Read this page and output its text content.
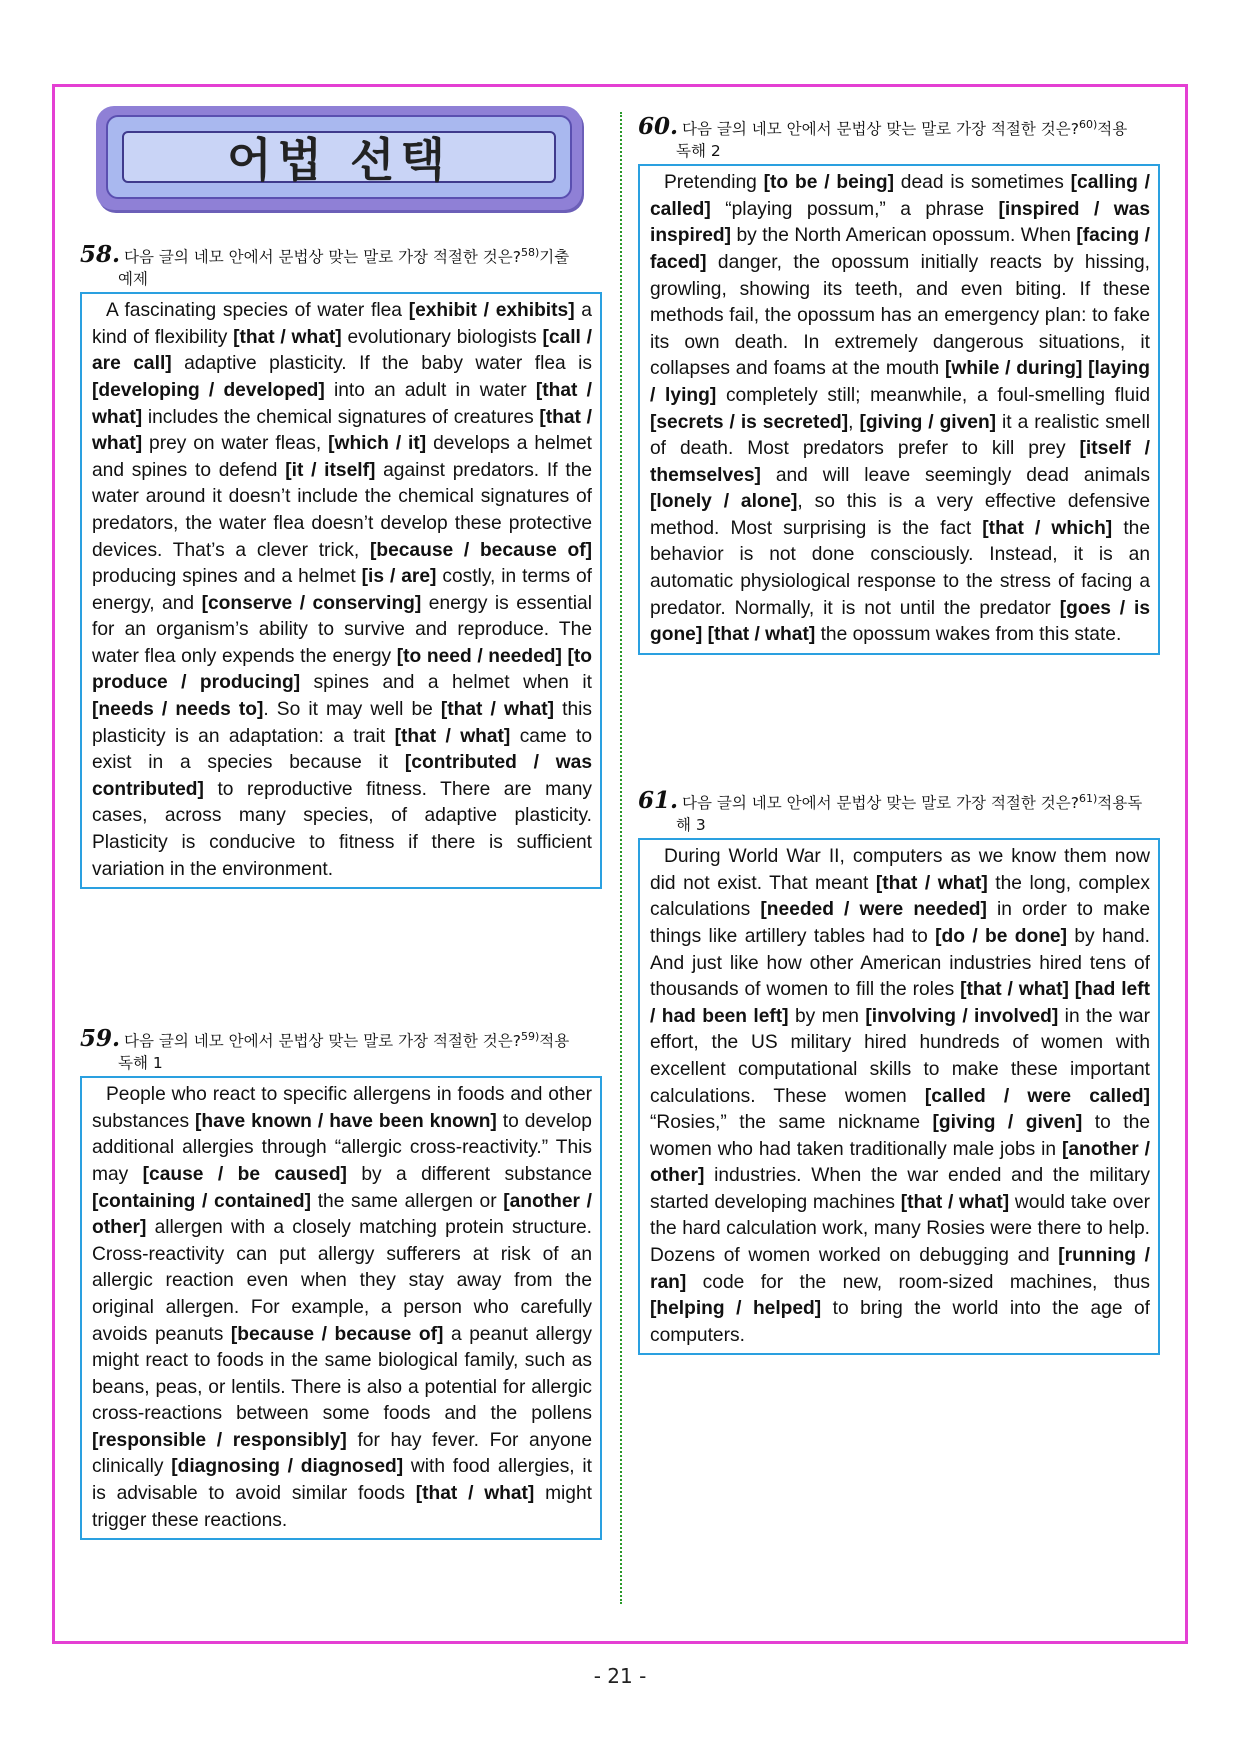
어법 선택
58. 다음 글의 네모 안에서 문법상 맞는 말로 가장 적절한 것은?$^{58)}$기출
예제

A fascinating species of water flea [exhibit / exhibits] a kind of flexibility [that / what] evolutionary biologists [call / are call] adaptive plasticity. If the baby water flea is [developing / developed] into an adult in water [that / what] includes the chemical signatures of creatures [that / what] prey on water fleas, [which / it] develops a helmet and spines to defend [it / itself] against predators. If the water around it doesn’t include the chemical signatures of predators, the water flea doesn’t develop these protective devices. That’s a clever trick, [because / because of] producing spines and a helmet [is / are] costly, in terms of energy, and [conserve / conserving] energy is essential for an organism’s ability to survive and reproduce. The water flea only expends the energy [to need / needed] [to produce / producing] spines and a helmet when it [needs / needs to]. So it may well be [that / what] this plasticity is an adaptation: a trait [that / what] came to exist in a species because it [contributed / was contributed] to reproductive fitness. There are many cases, across many species, of adaptive plasticity. Plasticity is conducive to fitness if there is sufficient variation in the environment.

59. 다음 글의 네모 안에서 문법상 맞는 말로 가장 적절한 것은?$^{59)}$적용
독해 1

People who react to specific allergens in foods and other substances [have known / have been known] to develop additional allergies through “allergic cross-reactivity.” This may [cause / be caused] by a different substance [containing / contained] the same allergen or [another / other] allergen with a closely matching protein structure. Cross-reactivity can put allergy sufferers at risk of an allergic reaction even when they stay away from the original allergen. For example, a person who carefully avoids peanuts [because / because of] a peanut allergy might react to foods in the same biological family, such as beans, peas, or lentils. There is also a potential for allergic cross-reactions between some foods and the pollens [responsible / responsibly] for hay fever. For anyone clinically [diagnosing / diagnosed] with food allergies, it is advisable to avoid similar foods [that / what] might trigger these reactions.

60. 다음 글의 네모 안에서 문법상 맞는 말로 가장 적절한 것은?$^{60)}$적용
독해 2

Pretending [to be / being] dead is sometimes [calling / called] “playing possum,” a phrase [inspired / was inspired] by the North American opossum. When [facing / faced] danger, the opossum initially reacts by hissing, growling, showing its teeth, and even biting. If these methods fail, the opossum has an emergency plan: to fake its own death. In extremely dangerous situations, it collapses and foams at the mouth [while / during] [laying / lying] completely still; meanwhile, a foul-smelling fluid [secrets / is secreted], [giving / given] it a realistic smell of death. Most predators prefer to kill prey [itself / themselves] and will leave seemingly dead animals [lonely / alone], so this is a very effective defensive method. Most surprising is the fact [that / which] the behavior is not done consciously. Instead, it is an automatic physiological response to the stress of facing a predator. Normally, it is not until the predator [goes / is gone] [that / what] the opossum wakes from this state.

61. 다음 글의 네모 안에서 문법상 맞는 말로 가장 적절한 것은?$^{61)}$적용독
해 3

During World War II, computers as we know them now did not exist. That meant [that / what] the long, complex calculations [needed / were needed] in order to make things like artillery tables had to [do / be done] by hand. And just like how other American industries hired tens of thousands of women to fill the roles [that / what] [had left / had been left] by men [involving / involved] in the war effort, the US military hired hundreds of women with excellent computational skills to make these important calculations. These women [called / were called] “Rosies,” the same nickname [giving / given] to the women who had taken traditionally male jobs in [another / other] industries. When the war ended and the military started developing machines [that / what] would take over the hard calculation work, many Rosies were there to help. Dozens of women worked on debugging and [running / ran] code for the new, room-sized machines, thus [helping / helped] to bring the world into the age of computers.

- 21 -
